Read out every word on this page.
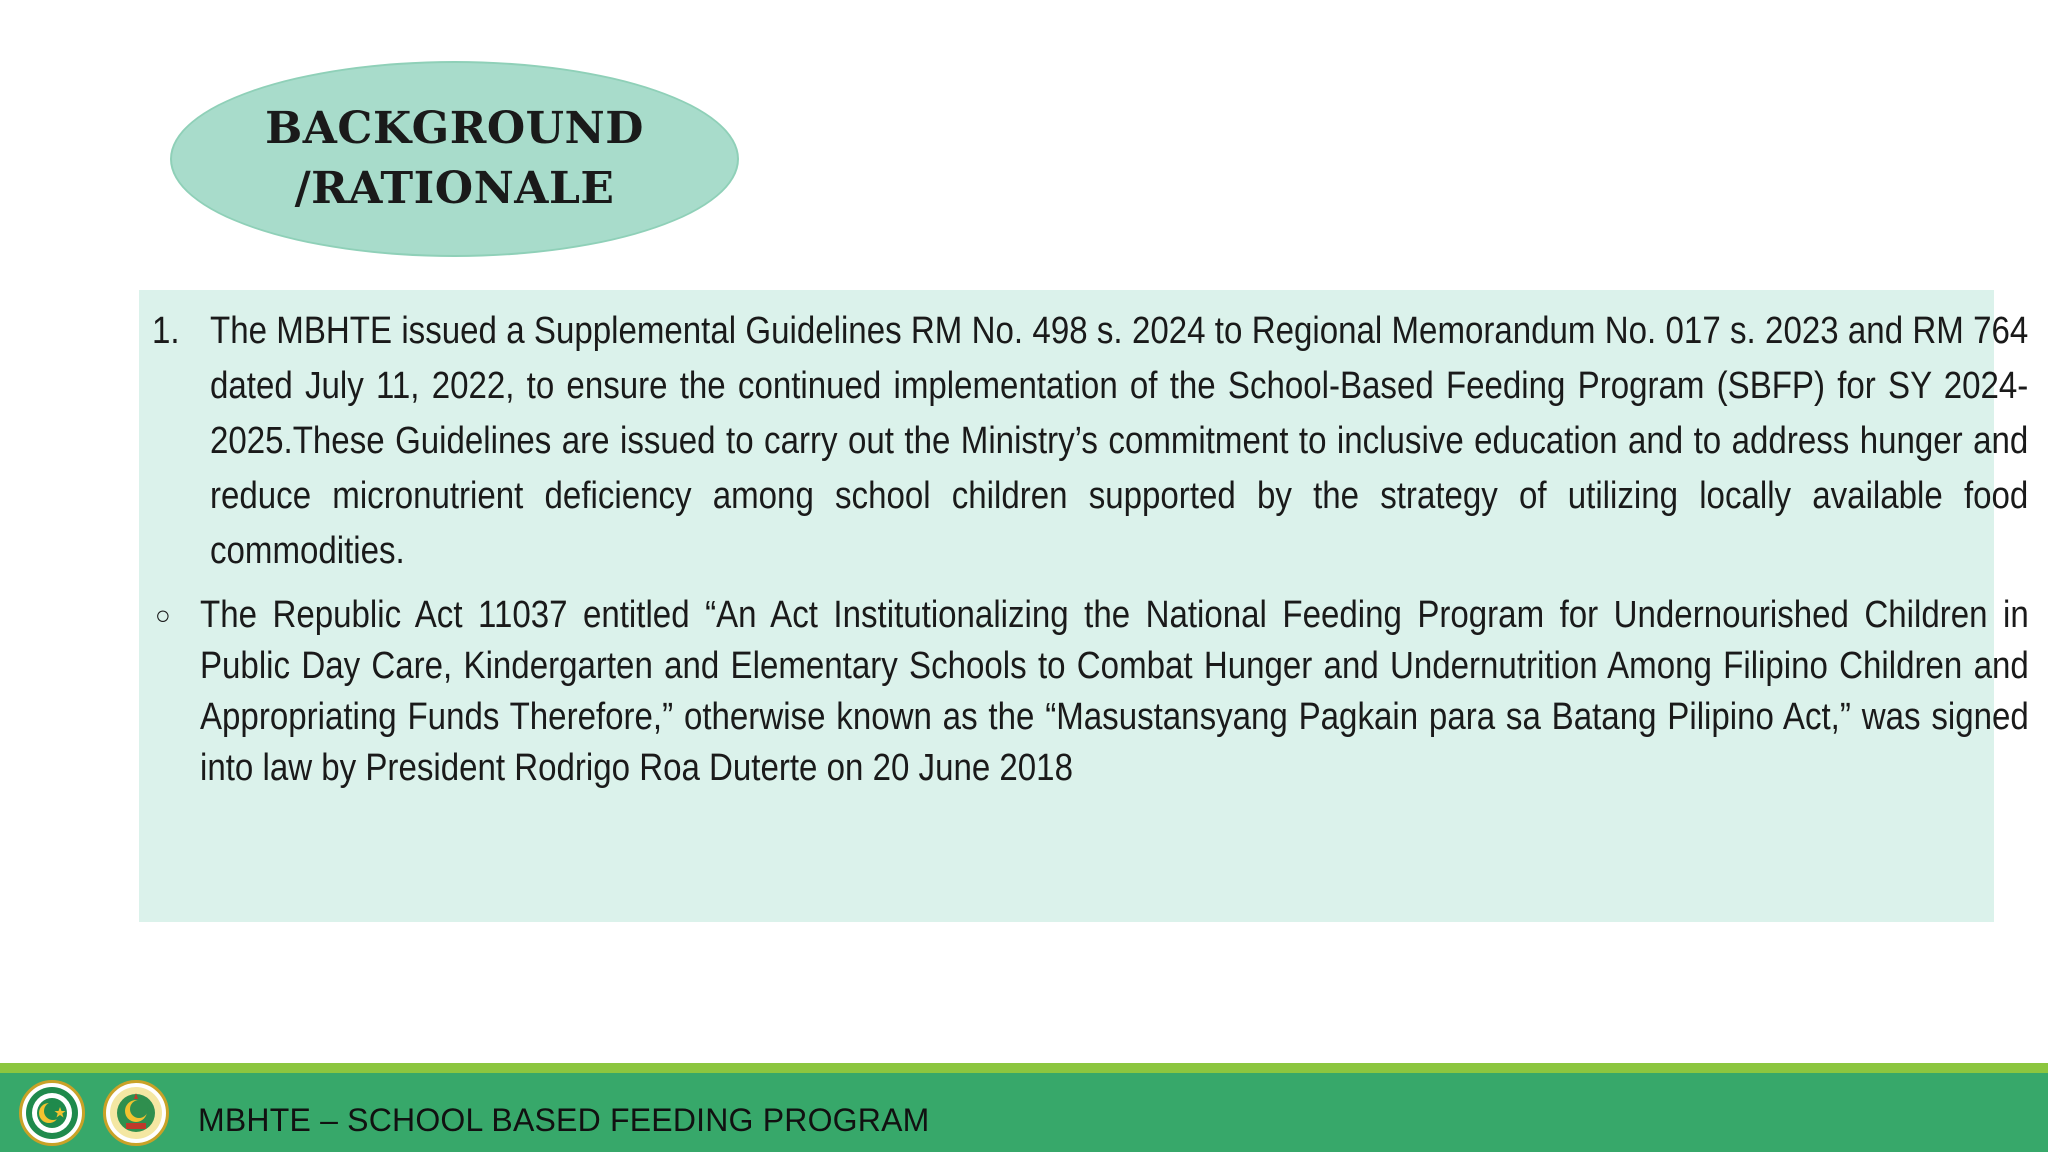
BACKGROUND
/RATIONALE
1. The MBHTE issued a Supplemental Guidelines RM No. 498 s. 2024 to Regional Memorandum No. 017 s. 2023 and RM 764 dated July 11, 2022, to ensure the continued implementation of the School-Based Feeding Program (SBFP) for SY 2024-2025.These Guidelines are issued to carry out the Ministry’s commitment to inclusive education and to address hunger and reduce micronutrient deficiency among school children supported by the strategy of utilizing locally available food commodities.
○ The Republic Act 11037 entitled “An Act Institutionalizing the National Feeding Program for Undernourished Children in Public Day Care, Kindergarten and Elementary Schools to Combat Hunger and Undernutrition Among Filipino Children and Appropriating Funds Therefore,” otherwise known as the “Masustansyang Pagkain para sa Batang Pilipino Act,” was signed into law by President Rodrigo Roa Duterte on 20 June 2018
MBHTE – SCHOOL BASED FEEDING PROGRAM
